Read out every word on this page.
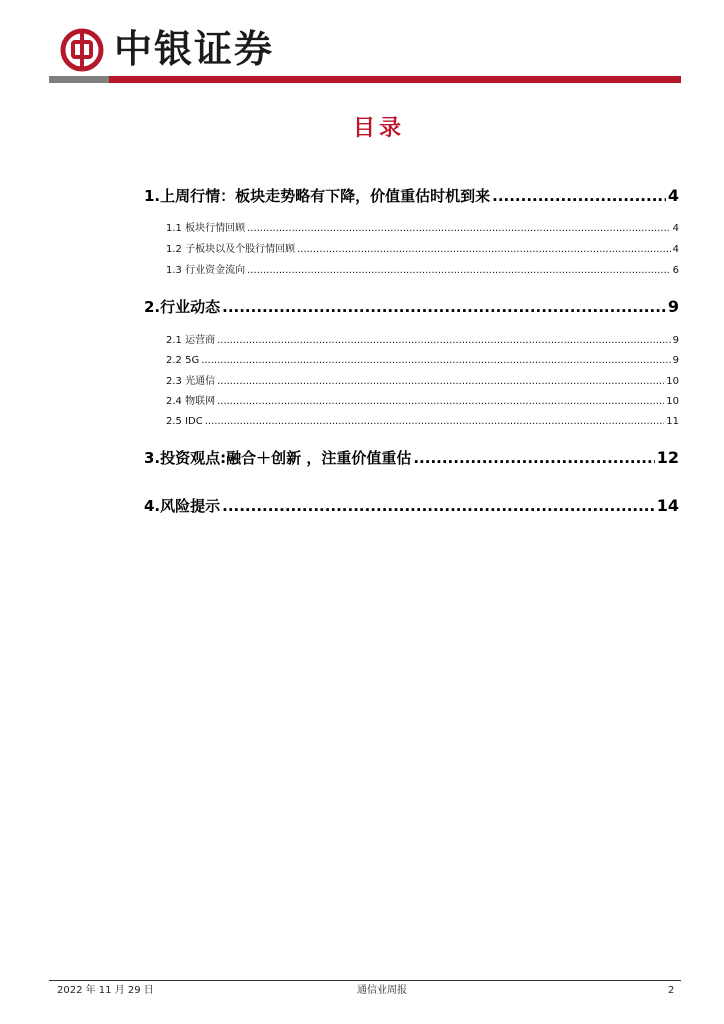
中银证券
目录
1.上周行情：板块走势略有下降，价值重估时机到来 .....	4
1.1 板块行情回顾 .....	4
1.2 子板块以及个股行情回顾 .....	4
1.3 行业资金流向 .....	6
2.行业动态 .....	9
2.1 运营商 .....	9
2.2 5G .....	9
2.3 光通信 .....	10
2.4 物联网 .....	10
2.5 IDC .....	11
3.投资观点:融合＋创新 ，注重价值重估 .....	12
4.风险提示 .....	14
2022 年 11 月 29 日	通信业周报	2
